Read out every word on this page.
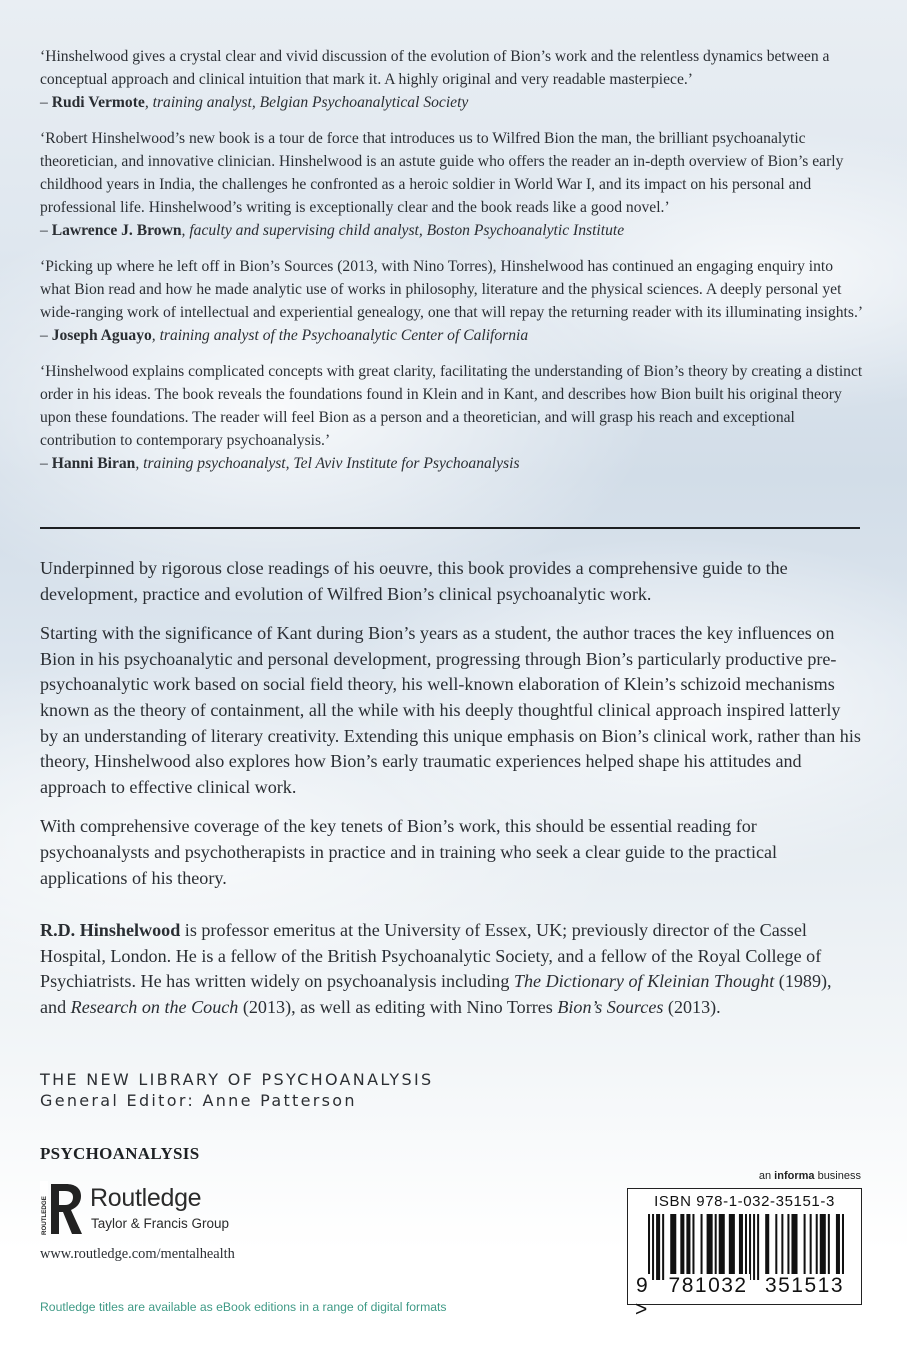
‘Hinshelwood gives a crystal clear and vivid discussion of the evolution of Bion’s work and the relentless dynamics between a conceptual approach and clinical intuition that mark it. A highly original and very readable masterpiece.’

– Rudi Vermote, training analyst, Belgian Psychoanalytical Society

‘Robert Hinshelwood’s new book is a tour de force that introduces us to Wilfred Bion the man, the brilliant psychoanalytic theoretician, and innovative clinician. Hinshelwood is an astute guide who offers the reader an in-depth overview of Bion’s early childhood years in India, the challenges he confronted as a heroic soldier in World War I, and its impact on his personal and professional life. Hinshelwood’s writing is exceptionally clear and the book reads like a good novel.’

– Lawrence J. Brown, faculty and supervising child analyst, Boston Psychoanalytic Institute

‘Picking up where he left off in Bion’s Sources (2013, with Nino Torres), Hinshelwood has continued an engaging enquiry into what Bion read and how he made analytic use of works in philosophy, literature and the physical sciences. A deeply personal yet wide-ranging work of intellectual and experiential genealogy, one that will repay the returning reader with its illuminating insights.’

– Joseph Aguayo, training analyst of the Psychoanalytic Center of California

‘Hinshelwood explains complicated concepts with great clarity, facilitating the understanding of Bion’s theory by creating a distinct order in his ideas. The book reveals the foundations found in Klein and in Kant, and describes how Bion built his original theory upon these foundations. The reader will feel Bion as a person and a theoretician, and will grasp his reach and exceptional contribution to contemporary psychoanalysis.’

– Hanni Biran, training psychoanalyst, Tel Aviv Institute for Psychoanalysis

Underpinned by rigorous close readings of his oeuvre, this book provides a comprehensive guide to the development, practice and evolution of Wilfred Bion’s clinical psychoanalytic work.

Starting with the significance of Kant during Bion’s years as a student, the author traces the key influences on Bion in his psychoanalytic and personal development, progressing through Bion’s particularly productive pre-psychoanalytic work based on social field theory, his well-known elaboration of Klein’s schizoid mechanisms known as the theory of containment, all the while with his deeply thoughtful clinical approach inspired latterly by an understanding of literary creativity. Extending this unique emphasis on Bion’s clinical work, rather than his theory, Hinshelwood also explores how Bion’s early traumatic experiences helped shape his attitudes and approach to effective clinical work.

With comprehensive coverage of the key tenets of Bion’s work, this should be essential reading for psychoanalysts and psychotherapists in practice and in training who seek a clear guide to the practical applications of his theory.

R.D. Hinshelwood is professor emeritus at the University of Essex, UK; previously director of the Cassel Hospital, London. He is a fellow of the British Psychoanalytic Society, and a fellow of the Royal College of Psychiatrists. He has written widely on psychoanalysis including The Dictionary of Kleinian Thought (1989), and Research on the Couch (2013), as well as editing with Nino Torres Bion’s Sources (2013).

THE NEW LIBRARY OF PSYCHOANALYSIS
General Editor: Anne Patterson
PSYCHOANALYSIS
ROUTLEDGE Routledge
Taylor & Francis Group
www.routledge.com/mentalhealth
Routledge titles are available as eBook editions in a range of digital formats
an informa business
ISBN 978-1-032-35151-3
9 781032 351513 >
